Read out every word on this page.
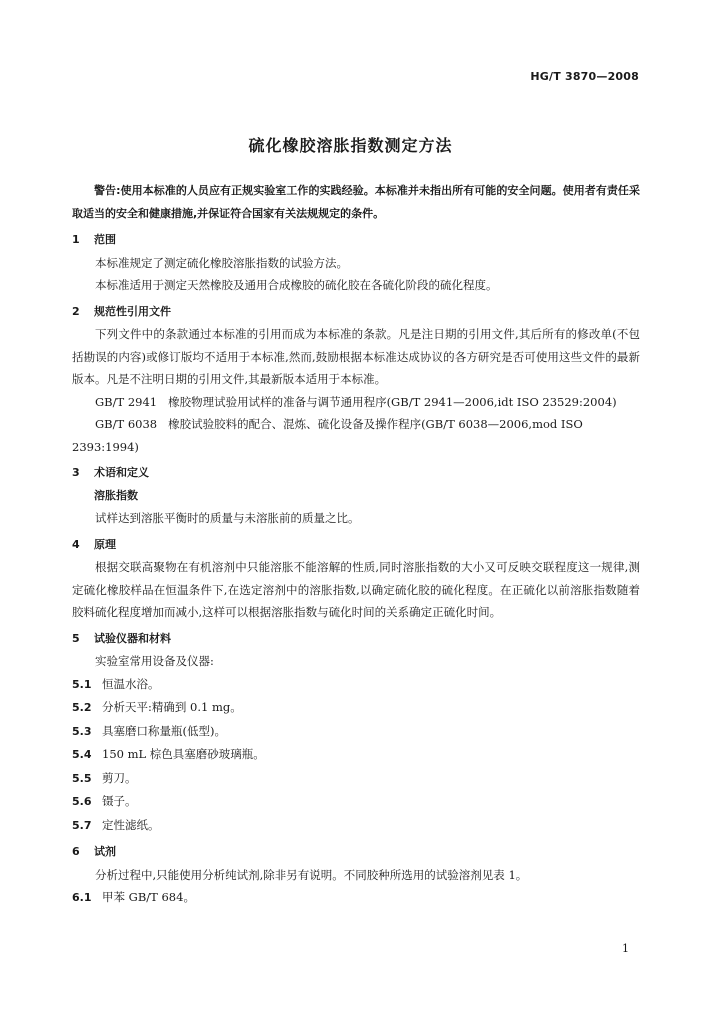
HG/T 3870—2008
硫化橡胶溶胀指数测定方法

警告:使用本标准的人员应有正规实验室工作的实践经验。本标准并未指出所有可能的安全问题。使用者有责任采取适当的安全和健康措施,并保证符合国家有关法规规定的条件。

1 范围

本标准规定了测定硫化橡胶溶胀指数的试验方法。

本标准适用于测定天然橡胶及通用合成橡胶的硫化胶在各硫化阶段的硫化程度。

2 规范性引用文件

下列文件中的条款通过本标准的引用而成为本标准的条款。凡是注日期的引用文件,其后所有的修改单(不包括勘误的内容)或修订版均不适用于本标准,然而,鼓励根据本标准达成协议的各方研究是否可使用这些文件的最新版本。凡是不注明日期的引用文件,其最新版本适用于本标准。

GB/T 2941 橡胶物理试验用试样的准备与调节通用程序(GB/T 2941—2006,idt ISO 23529:2004)

GB/T 6038 橡胶试验胶料的配合、混炼、硫化设备及操作程序(GB/T 6038—2006,mod ISO 2393:1994)

3 术语和定义
溶胀指数

试样达到溶胀平衡时的质量与未溶胀前的质量之比。

4 原理

根据交联高聚物在有机溶剂中只能溶胀不能溶解的性质,同时溶胀指数的大小又可反映交联程度这一规律,测定硫化橡胶样品在恒温条件下,在选定溶剂中的溶胀指数,以确定硫化胶的硫化程度。在正硫化以前溶胀指数随着胶料硫化程度增加而减小,这样可以根据溶胀指数与硫化时间的关系确定正硫化时间。

5 试验仪器和材料

实验室常用设备及仪器:

5.1 恒温水浴。

5.2 分析天平:精确到 0.1 mg。

5.3 具塞磨口称量瓶(低型)。

5.4 150 mL 棕色具塞磨砂玻璃瓶。

5.5 剪刀。

5.6 镊子。

5.7 定性滤纸。

6 试剂

分析过程中,只能使用分析纯试剂,除非另有说明。不同胶种所选用的试验溶剂见表 1。

6.1 甲苯 GB/T 684。

1
